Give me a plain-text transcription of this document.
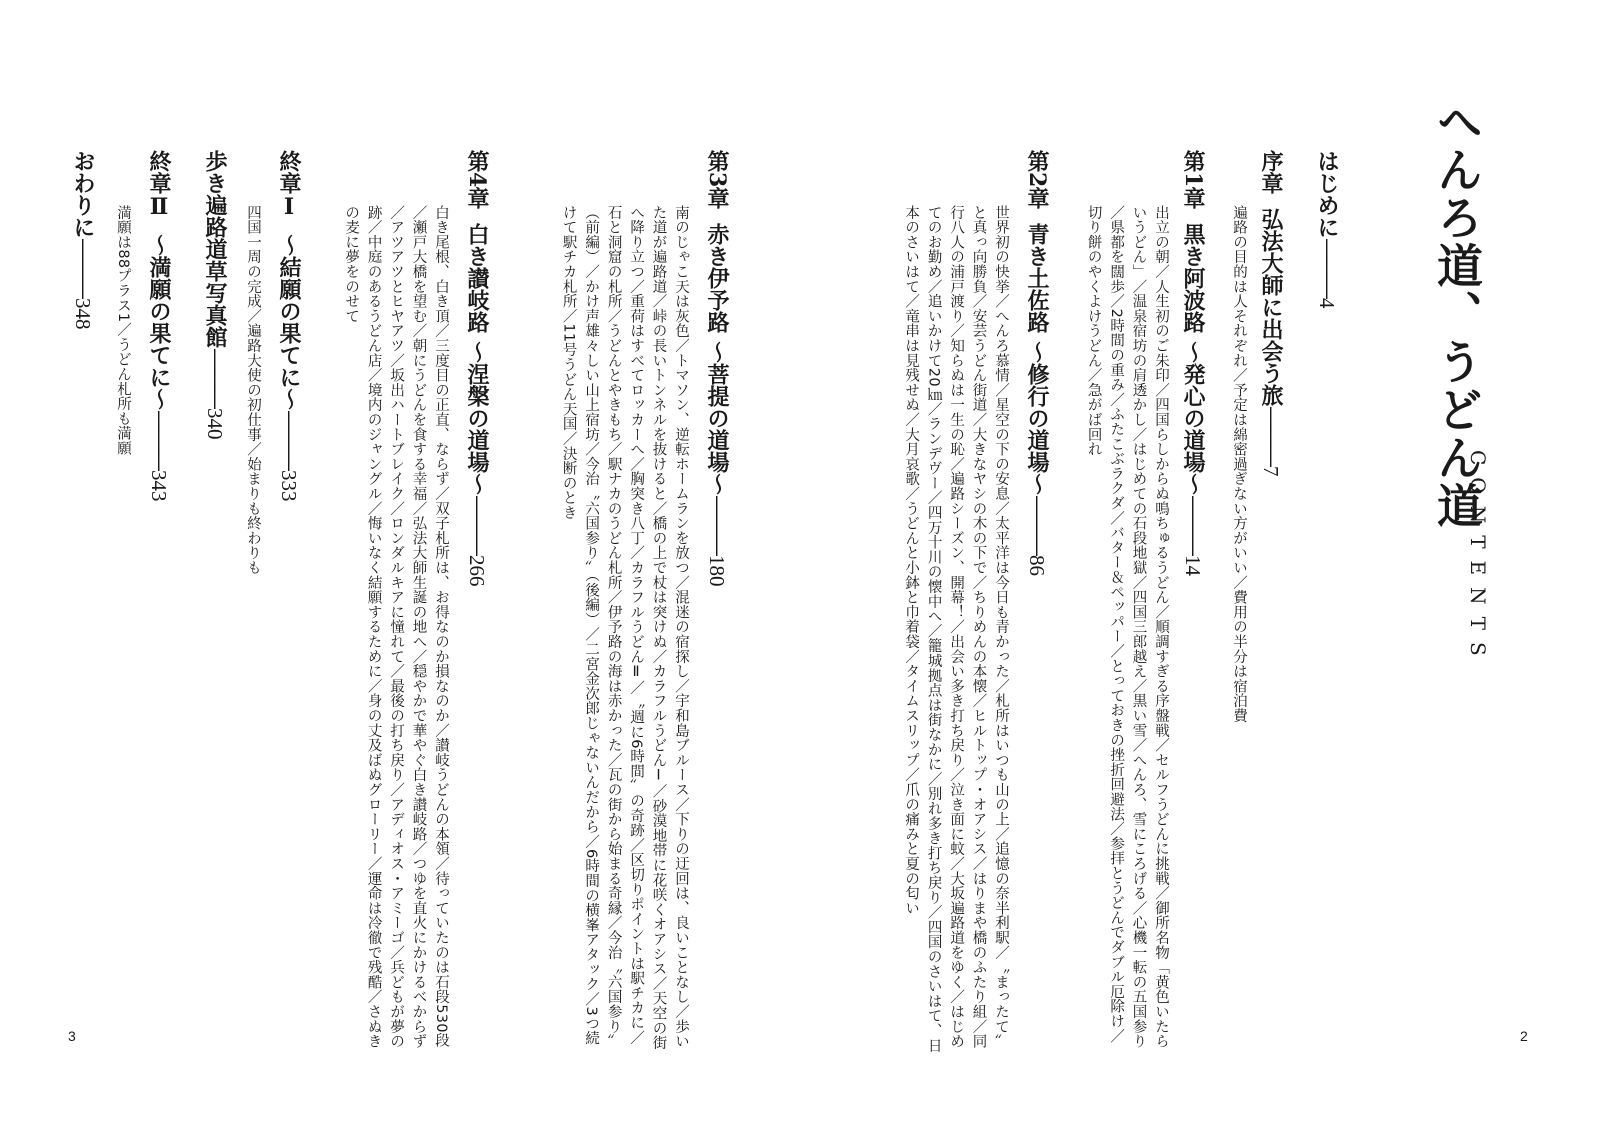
へんろ道、うどん道
CONTENTS
はじめに———4
序章弘法大師に出会う旅———7
遍路の目的は人それぞれ／予定は綿密過ぎない方がいい／費用の半分は宿泊費
第1章黒き阿波路 ～発心の道場～———14
出立の朝／人生初のご朱印／四国らしからぬ鳴ちゅるうどん／順調すぎる序盤戦／セルフうどんに挑戦／御所名物「黄色いたらいうどん」／温泉宿坊の肩透かし／はじめての石段地獄／四国三郎越え／黒い雪／へんろ、雪にころげる／心機一転の五国参り／県都を闊歩／2時間の重み／ふたこぶラクダ／バター＆ペッパー／とっておきの挫折回避法／参拝とうどんでダブル厄除け／切り餅のやくよけうどん／急がば回れ
第2章青き土佐路 ～修行の道場～———86
世界初の快挙／へんろ慕情／星空の下の安息／太平洋は今日も青かった／札所はいつも山の上／追憶の奈半利駅／〝まったて〟と真っ向勝負／安芸うどん街道／大きなヤシの木の下で／ちりめんの本懐／ヒルトップ・オアシス／はりまや橋のふたり組／同行八人の浦戸渡り／知らぬは一生の恥／遍路シーズン、開幕！／出会い多き打ち戻り／泣き面に蚊／大坂遍路道をゆく／はじめてのお勤め／追いかけて20㎞／ランデヴー／四万十川の懐中へ／籠城拠点は街なかに／別れ多き打ち戻り／四国のさいはて、日本のさいはて／竜串は見残せぬ／大月哀歌／うどんと小鉢と巾着袋／タイムスリップ／爪の痛みと夏の匂い
第3章赤き伊予路 ～菩提の道場～———180
南のじゃこ天は灰色／トマソン、逆転ホームランを放つ／混迷の宿探し／宇和島ブルース／下りの迂回は、良いことなし／歩いた道が遍路道／峠の長いトンネルを抜けると／橋の上で杖は突けぬ／カラフルうどんⅠ／砂漠地帯に花咲くオアシス／天空の街へ降り立つ／重荷はすべてロッカーへ／胸突き八丁／カラフルうどんⅡ／〝週に6時間〟の奇跡／区切りポイントは駅チカに／石と洞窟の札所／うどんとやきもち／駅ナカのうどん札所／伊予路の海は赤かった／瓦の街から始まる奇縁／今治〝六国参り〟（前編）／かけ声雄々しい山上宿坊／今治〝六国参り〟（後編）／二宮金次郎じゃないんだから／6時間の横峯アタック／3つ続けて駅チカ札所／11号うどん天国／決断のとき
第4章白き讃岐路 ～涅槃の道場～———266
白き尾根、白き頂／三度目の正直、ならず／双子札所は、お得なのか損なのか／讃岐うどんの本領／待っていたのは石段530段／瀬戸大橋を望む／朝にうどんを食する幸福／弘法大師生誕の地へ／穏やかで華やぐ白き讃岐路／つゆを直火にかけるべからず／アツアツとヒヤアツ／坂出ハートブレイク／ロンダルキアに憧れて／最後の打ち戻り／アディオス・アミーゴ／兵どもが夢の跡／中庭のあるうどん店／境内のジャングル／悔いなく結願するために／身の丈及ばぬグローリー／運命は冷徹で残酷／さぬきの麦に夢をのせて
終章Ⅰ～結願の果てに～———333
四国一周の完成／遍路大使の初仕事／始まりも終わりも
歩き遍路道草写真館———340
終章Ⅱ～満願の果てに～———343
満願は88プラス1／うどん札所も満願
おわりに———348
2
3
